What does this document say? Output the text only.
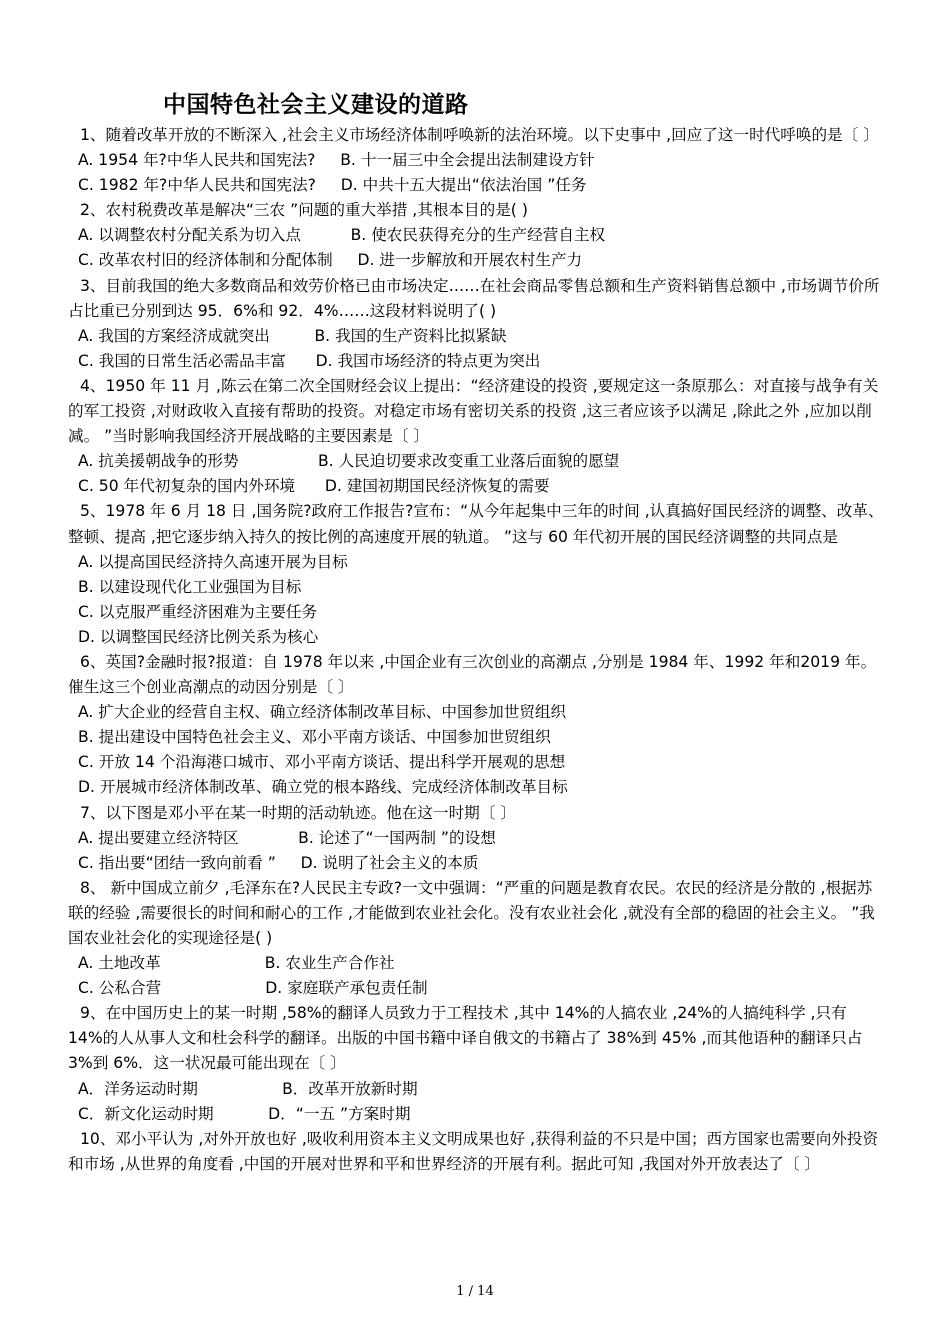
中国特色社会主义建设的道路

1、随着改革开放的不断深入 ,社会主义市场经济体制呼唤新的法治环境。以下史事中 ,回应了这一时代呼唤的是〔 〕

A. 1954 年?中华人民共和国宪法?     B. 十一届三中全会提出法制建设方针

C. 1982 年?中华人民共和国宪法?     D. 中共十五大提出“依法治国 ”任务

2、农村税费改革是解决“三农 ”问题的重大举措 ,其根本目的是( )

A. 以调整农村分配关系为切入点          B. 使农民获得充分的生产经营自主权

C. 改革农村旧的经济体制和分配体制     D. 进一步解放和开展农村生产力

3、目前我国的绝大多数商品和效劳价格已由市场决定……在社会商品零售总额和生产资料销售总额中 ,市场调节价所占比重已分别到达 95．6%和 92．4%……这段材料说明了( )

A. 我国的方案经济成就突出         B. 我国的生产资料比拟紧缺

C. 我国的日常生活必需品丰富      D. 我国市场经济的特点更为突出

4、1950 年 11 月 ,陈云在第二次全国财经会议上提出：“经济建设的投资 ,要规定这一条原那么：对直接与战争有关的军工投资 ,对财政收入直接有帮助的投资。对稳定市场有密切关系的投资 ,这三者应该予以满足 ,除此之外 ,应加以削减。 ”当时影响我国经济开展战略的主要因素是〔 〕

A. 抗美援朝战争的形势                B. 人民迫切要求改变重工业落后面貌的愿望

C. 50 年代初复杂的国内外环境      D. 建国初期国民经济恢复的需要

5、1978 年 6 月 18 日 ,国务院?政府工作报告?宣布：“从今年起集中三年的时间 ,认真搞好国民经济的调整、改革、整顿、提高 ,把它逐步纳入持久的按比例的高速度开展的轨道。 ”这与 60 年代初开展的国民经济调整的共同点是

A. 以提高国民经济持久高速开展为目标

B. 以建设现代化工业强国为目标

C. 以克服严重经济困难为主要任务

D. 以调整国民经济比例关系为核心

6、英国?金融时报?报道：自 1978 年以来 ,中国企业有三次创业的高潮点 ,分别是 1984 年、1992 年和2019 年。催生这三个创业高潮点的动因分别是〔 〕

A. 扩大企业的经营自主权、确立经济体制改革目标、中国参加世贸组织

B. 提出建设中国特色社会主义、邓小平南方谈话、中国参加世贸组织

C. 开放 14 个沿海港口城市、邓小平南方谈话、提出科学开展观的思想

D. 开展城市经济体制改革、确立党的根本路线、完成经济体制改革目标

7、以下图是邓小平在某一时期的活动轨迹。他在这一时期〔 〕

A. 提出要建立经济特区            B. 论述了“一国两制 ”的设想

C. 指出要“团结一致向前看 ”     D. 说明了社会主义的本质

8、 新中国成立前夕 ,毛泽东在?人民民主专政?一文中强调：“严重的问题是教育农民。农民的经济是分散的 ,根据苏联的经验 ,需要很长的时间和耐心的工作 ,才能做到农业社会化。没有农业社会化 ,就没有全部的稳固的社会主义。 ”我国农业社会化的实现途径是( )

A. 土地改革                     B. 农业生产合作社

C. 公私合营                     D. 家庭联产承包责任制

9、在中国历史上的某一时期 ,58%的翻译人员致力于工程技术 ,其中 14%的人搞农业 ,24%的人搞纯科学 ,只有 14%的人从事人文和杜会科学的翻译。出版的中国书籍中译自俄文的书籍占了 38%到 45% ,而其他语种的翻译只占 3%到 6%．这一状况最可能出现在〔 〕

A．洋务运动时期                 B．改革开放新时期

C．新文化运动时期           D．“一五 ”方案时期

10、邓小平认为 ,对外开放也好 ,吸收利用资本主义文明成果也好 ,获得利益的不只是中国；西方国家也需要向外投资和市场 ,从世界的角度看 ,中国的开展对世界和平和世界经济的开展有利。据此可知 ,我国对外开放表达了〔 〕

1 / 14
